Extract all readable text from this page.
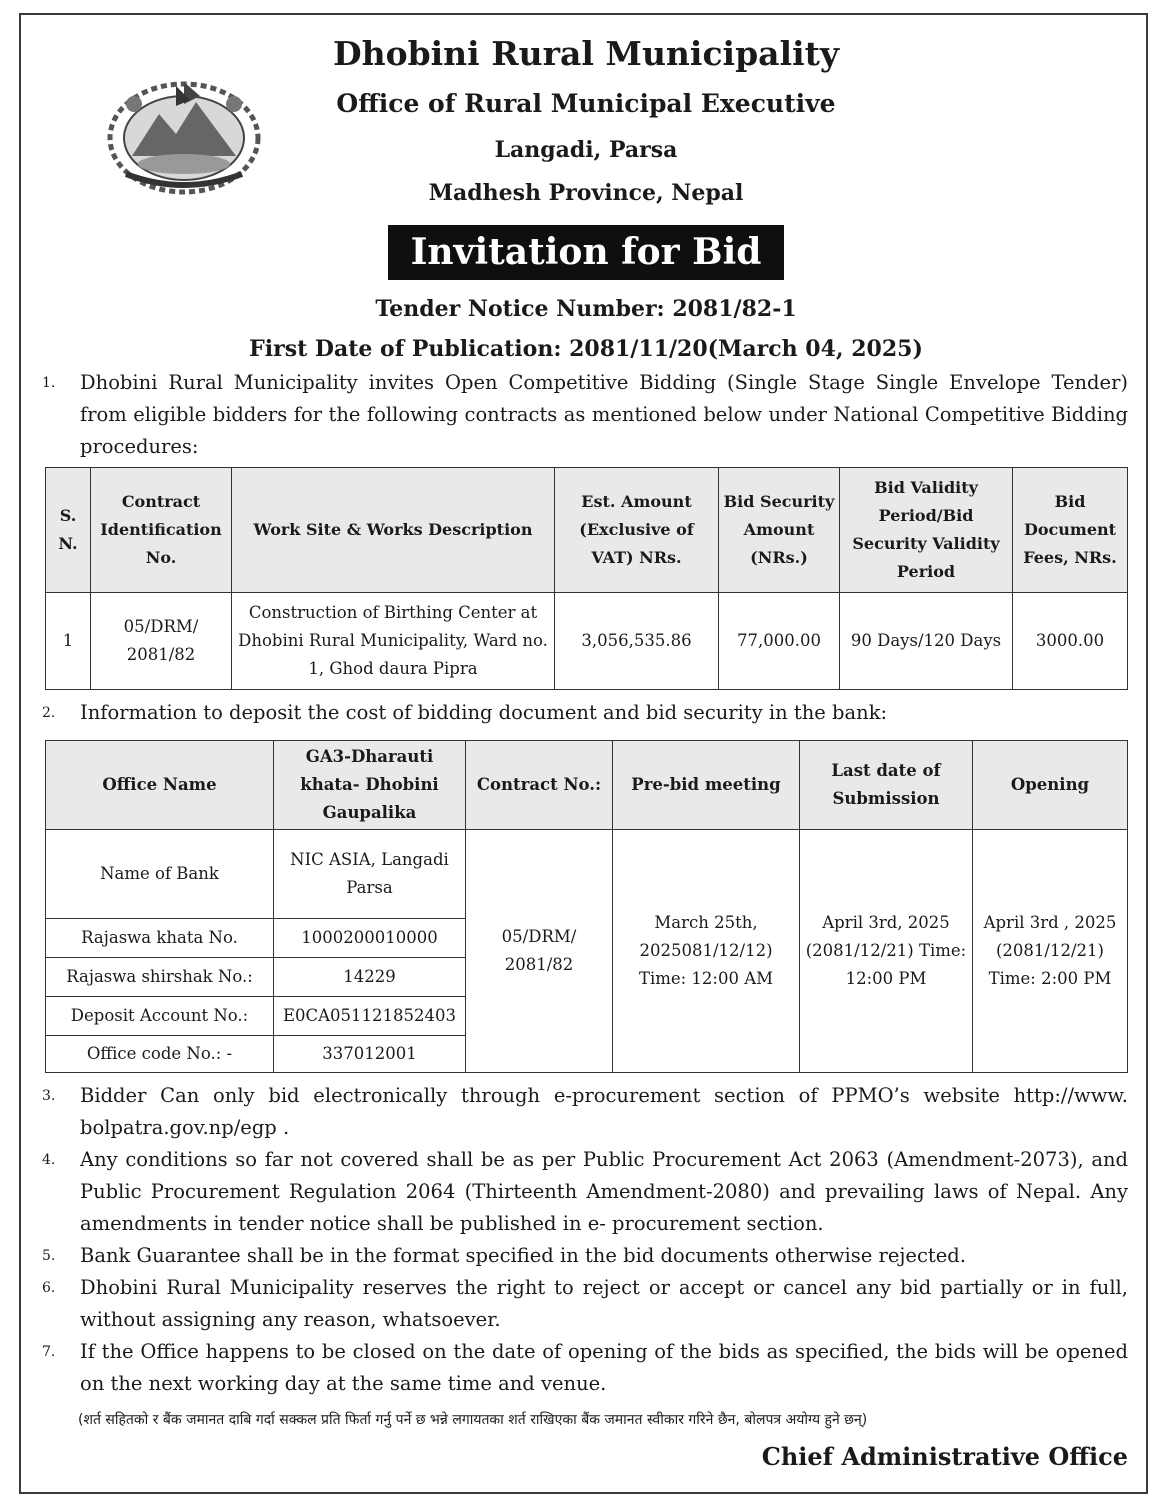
Dhobini Rural Municipality
Office of Rural Municipal Executive
Langadi, Parsa
Madhesh Province, Nepal
Invitation for Bid
Tender Notice Number: 2081/82-1
First Date of Publication: 2081/11/20(March 04, 2025)
1.	Dhobini Rural Municipality invites Open Competitive Bidding (Single Stage Single Envelope Tender) from eligible bidders for the following contracts as mentioned below under National Competitive Bidding procedures:
S. N.	Contract Identification No.	Work Site & Works Description	Est. Amount (Exclusive of VAT) NRs.	Bid Security Amount (NRs.)	Bid Validity Period/Bid Security Validity Period	Bid Document Fees, NRs.
1	05/DRM/ 2081/82	Construction of Birthing Center at Dhobini Rural Municipality, Ward no. 1, Ghod daura Pipra	3,056,535.86	77,000.00	90 Days/120 Days	3000.00
2.	Information to deposit the cost of bidding document and bid security in the bank:
Office Name	GA3-Dharauti khata- Dhobini Gaupalika	Contract No.:	Pre-bid meeting	Last date of Submission	Opening
Name of Bank	NIC ASIA, Langadi Parsa	05/DRM/ 2081/82	March 25th, 2025081/12/12) Time: 12:00 AM	April 3rd, 2025 (2081/12/21) Time: 12:00 PM	April 3rd , 2025 (2081/12/21) Time: 2:00 PM
Rajaswa khata No.	1000200010000				
Rajaswa shirshak No.:	14229				
Deposit Account No.:	E0CA051121852403				
Office code No.: -	337012001				
3.	Bidder Can only bid electronically through e-procurement section of PPMO’s website http://www. bolpatra.gov.np/egp .
4.	Any conditions so far not covered shall be as per Public Procurement Act 2063 (Amendment-2073), and Public Procurement Regulation 2064 (Thirteenth Amendment-2080) and prevailing laws of Nepal. Any amendments in tender notice shall be published in e- procurement section.
5.	Bank Guarantee shall be in the format specified in the bid documents otherwise rejected.
6.	Dhobini Rural Municipality reserves the right to reject or accept or cancel any bid partially or in full, without assigning any reason, whatsoever.
7.	If the Office happens to be closed on the date of opening of the bids as specified, the bids will be opened on the next working day at the same time and venue.
(शर्त सहितको र बैंक जमानत दाबि गर्दा सक्कल प्रति फिर्ता गर्नु पर्ने छ भन्ने लगायतका शर्त राखिएका बैंक जमानत स्वीकार गरिने छैन, बोलपत्र अयोग्य हुने छन्)
Chief Administrative Office
